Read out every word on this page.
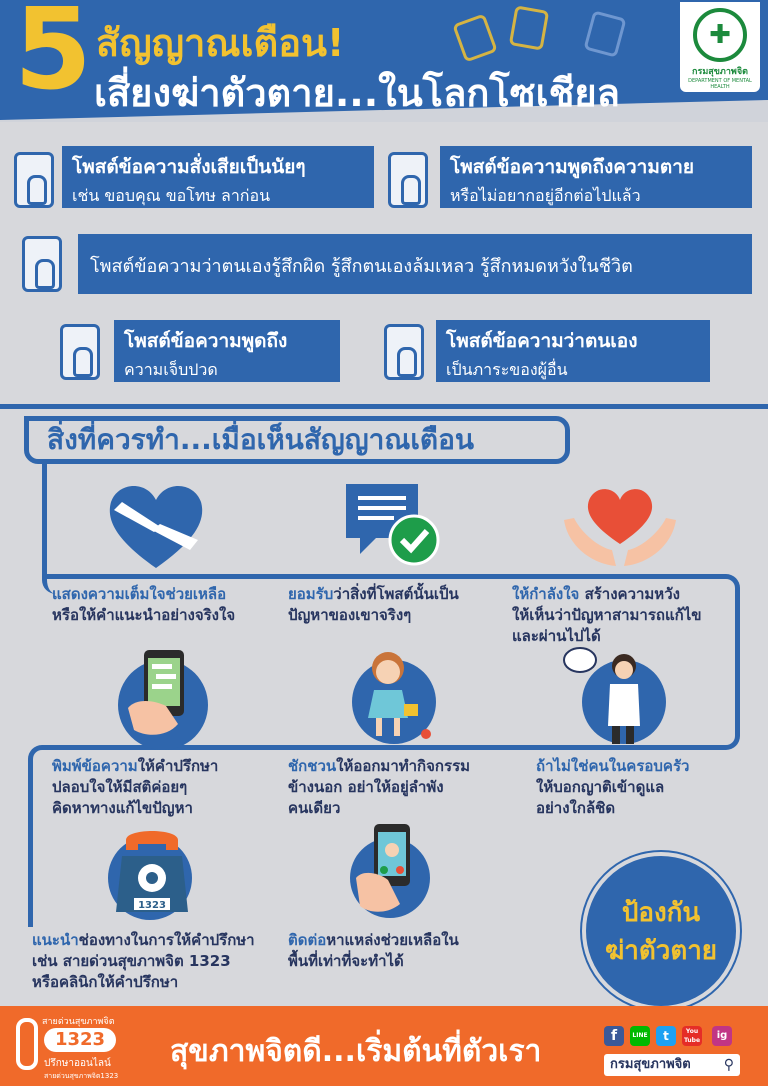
5 สัญญาณเตือน!
เสี่ยงฆ่าตัวตาย...ในโลกโซเชียล
✚
กรมสุขภาพจิต
DEPARTMENT OF MENTAL HEALTH
โพสต์ข้อความสั่งเสียเป็นนัยๆ
เช่น ขอบคุณ ขอโทษ ลาก่อน
โพสต์ข้อความพูดถึงความตาย
หรือไม่อยากอยู่อีกต่อไปแล้ว
โพสต์ข้อความว่าตนเองรู้สึกผิด รู้สึกตนเองล้มเหลว รู้สึกหมดหวังในชีวิต
โพสต์ข้อความพูดถึง
ความเจ็บปวด
โพสต์ข้อความว่าตนเอง
เป็นภาระของผู้อื่น
สิ่งที่ควรทำ...เมื่อเห็นสัญญาณเตือน
แสดงความเต็มใจช่วยเหลือ
หรือให้คำแนะนำอย่างจริงใจ
ยอมรับว่าสิ่งที่โพสต์นั้นเป็น
ปัญหาของเขาจริงๆ
ให้กำลังใจ สร้างความหวัง
ให้เห็นว่าปัญหาสามารถแก้ไข
และผ่านไปได้
พิมพ์ข้อความให้คำปรึกษา
ปลอบใจให้มีสติค่อยๆ
คิดหาทางแก้ไขปัญหา
ชักชวนให้ออกมาทำกิจกรรม
ข้างนอก อย่าให้อยู่ลำพัง
คนเดียว
ถ้าไม่ใช่คนในครอบครัว
ให้บอกญาติเข้าดูแล
อย่างใกล้ชิด
1323
แนะนำช่องทางในการให้คำปรึกษา
เช่น สายด่วนสุขภาพจิต 1323
หรือคลินิกให้คำปรึกษา
ติดต่อหาแหล่งช่วยเหลือใน
พื้นที่เท่าที่จะทำได้
ป้องกัน
ฆ่าตัวตาย
สายด่วนสุขภาพจิต
1323
ปรึกษาออนไลน์
สายด่วนสุขภาพจิต1323
สุขภาพจิตดี...เริ่มต้นที่ตัวเรา	f	LINE	t	You Tube	ig
กรมสุขภาพจิต ⚲
